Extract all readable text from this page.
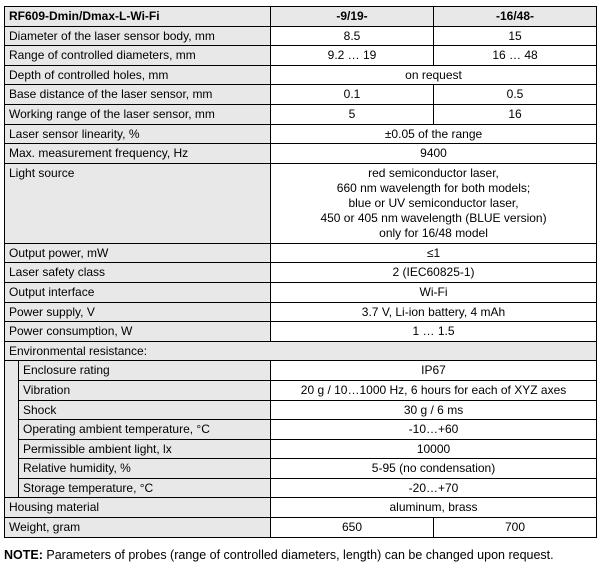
RF609-Dmin/Dmax-L-Wi-Fi		-9/19-	-16/48-
Diameter of the laser sensor body, mm		8.5	15
Range of controlled diameters, mm		9.2 … 19	16 … 48
Depth of controlled holes, mm		on request	
Base distance of the laser sensor, mm		0.1	0.5
Working range of the laser sensor, mm		5	16
Laser sensor linearity, %		±0.05 of the range	
Max. measurement frequency, Hz		9400	
Light source		red semiconductor laser,
660 nm wavelength for both models;
blue or UV semiconductor laser,
450 or 405 nm wavelength (BLUE version)
only for 16/48 model	

Output power, mW		≤1	
Laser safety class		2 (IEC60825-1)	
Output interface		Wi-Fi	
Power supply, V		3.7 V, Li-ion battery, 4 mAh	
Power consumption, W		1 … 1.5	
Environmental resistance:			
	Enclosure rating	IP67	
	Vibration	20 g / 10…1000 Hz, 6 hours for each of XYZ axes	
	Shock	30 g / 6 ms	
	Operating ambient temperature, °C	-10…+60	
	Permissible ambient light, lx	10000	
	Relative humidity, %	5-95 (no condensation)	
	Storage temperature, °C	-20…+70	
Housing material		aluminum, brass	
Weight, gram		650	700
NOTE: Parameters of probes (range of controlled diameters, length) can be changed upon request.
